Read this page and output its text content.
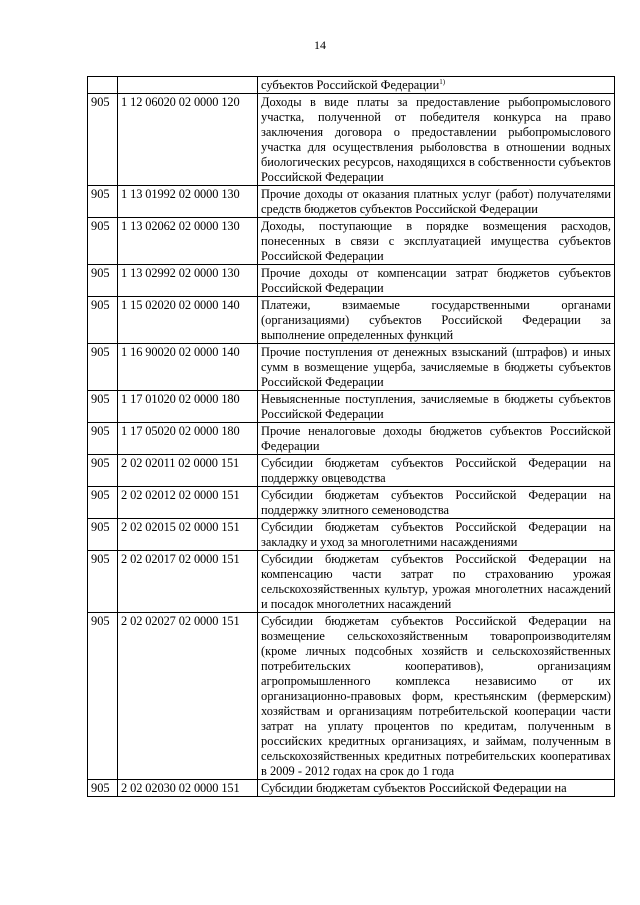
14
		субъектов Российской Федерации$^{1)}$
905	1 12 06020 02 0000 120	Доходы в виде платы за предоставление рыбопромыслового участка, полученной от победителя конкурса на право заключения договора о предоставлении рыбопромыслового участка для осуществления рыболовства в отношении водных биологических ресурсов, находящихся в собственности субъектов Российской Федерации
905	1 13 01992 02 0000 130	Прочие доходы от оказания платных услуг (работ) получателями средств бюджетов субъектов Российской Федерации
905	1 13 02062 02 0000 130	Доходы, поступающие в порядке возмещения расходов, понесенных в связи с эксплуатацией имущества субъектов Российской Федерации
905	1 13 02992 02 0000 130	Прочие доходы от компенсации затрат бюджетов субъектов Российской Федерации
905	1 15 02020 02 0000 140	Платежи, взимаемые государственными органами (организациями) субъектов Российской Федерации за выполнение определенных функций
905	1 16 90020 02 0000 140	Прочие поступления от денежных взысканий (штрафов) и иных сумм в возмещение ущерба, зачисляемые в бюджеты субъектов Российской Федерации
905	1 17 01020 02 0000 180	Невыясненные поступления, зачисляемые в бюджеты субъектов Российской Федерации
905	1 17 05020 02 0000 180	Прочие неналоговые доходы бюджетов субъектов Российской Федерации
905	2 02 02011 02 0000 151	Субсидии бюджетам субъектов Российской Федерации на поддержку овцеводства
905	2 02 02012 02 0000 151	Субсидии бюджетам субъектов Российской Федерации на поддержку элитного семеноводства
905	2 02 02015 02 0000 151	Субсидии бюджетам субъектов Российской Федерации на закладку и уход за многолетними насаждениями
905	2 02 02017 02 0000 151	Субсидии бюджетам субъектов Российской Федерации на компенсацию части затрат по страхованию урожая сельскохозяйственных культур, урожая многолетних насаждений и посадок многолетних насаждений
905	2 02 02027 02 0000 151	Субсидии бюджетам субъектов Российской Федерации на возмещение сельскохозяйственным товаропроизводителям (кроме личных подсобных хозяйств и сельскохозяйственных потребительских кооперативов), организациям агропромышленного комплекса независимо от их организационно-правовых форм, крестьянским (фермерским) хозяйствам и организациям потребительской кооперации части затрат на уплату процентов по кредитам, полученным в российских кредитных организациях, и займам, полученным в сельскохозяйственных кредитных потребительских кооперативах в 2009 - 2012 годах на срок до 1 года
905	2 02 02030 02 0000 151	Субсидии бюджетам субъектов Российской Федерации на
